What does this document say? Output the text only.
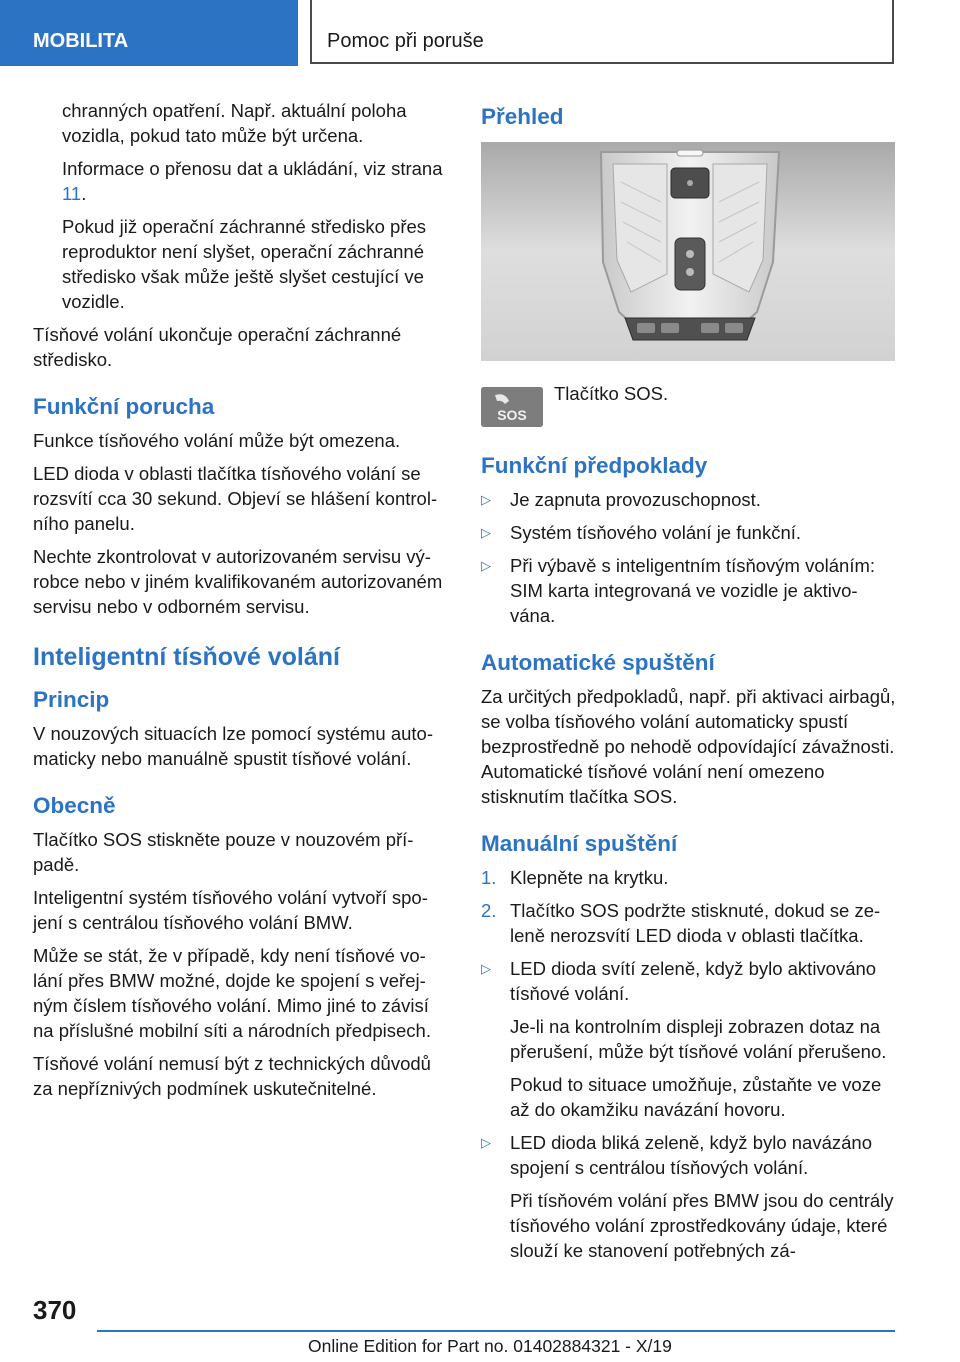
MOBILITA	Pomoc při poruše

chranných opatření. Např. aktuální poloha vozidla, pokud tato může být určena.

Informace o přenosu dat a ukládání, viz strana 11.

Pokud již operační záchranné středisko přes reproduktor není slyšet, operační záchranné středisko však může ještě slyšet cestující ve vozidle.

Tísňové volání ukončuje operační záchranné středisko.

Funkční porucha

Funkce tísňového volání může být omezena.

LED dioda v oblasti tlačítka tísňového volání se rozsvítí cca 30 sekund. Objeví se hlášení kontrolního panelu.

Nechte zkontrolovat v autorizovaném servisu výrobce nebo v jiném kvalifikovaném autorizovaném servisu nebo v odborném servisu.

Inteligentní tísňové volání
Princip

V nouzových situacích lze pomocí systému automaticky nebo manuálně spustit tísňové volání.

Obecně

Tlačítko SOS stiskněte pouze v nouzovém případě.

Inteligentní systém tísňového volání vytvoří spojení s centrálou tísňového volání BMW.

Může se stát, že v případě, kdy není tísňové volání přes BMW možné, dojde ke spojení s veřejným číslem tísňového volání. Mimo jiné to závisí na příslušné mobilní síti a národních předpisech.

Tísňové volání nemusí být z technických důvodů za nepříznivých podmínek uskutečnitelné.

Přehled
SOS
Tlačítko SOS.
Funkční předpoklady
▷ Je zapnuta provozuschopnost.
▷ Systém tísňového volání je funkční.
▷ Při výbavě s inteligentním tísňovým voláním: SIM karta integrovaná ve vozidle je aktivována.
Automatické spuštění

Za určitých předpokladů, např. při aktivaci airbagů, se volba tísňového volání automaticky spustí bezprostředně po nehodě odpovídající závažnosti. Automatické tísňové volání není omezeno stisknutím tlačítka SOS.

Manuální spuštění
1. Klepněte na krytku.
2. Tlačítko SOS podržte stisknuté, dokud se zeleně nerozsvítí LED dioda v oblasti tlačítka.
▷ LED dioda svítí zeleně, když bylo aktivováno tísňové volání.

Je-li na kontrolním displeji zobrazen dotaz na přerušení, může být tísňové volání přerušeno.

Pokud to situace umožňuje, zůstaňte ve voze až do okamžiku navázání hovoru.

▷ LED dioda bliká zeleně, když bylo navázáno spojení s centrálou tísňových volání.

Při tísňovém volání přes BMW jsou do centrály tísňového volání zprostředkovány údaje, které slouží ke stanovení potřebných zá-

370
Online Edition for Part no. 01402884321 - X/19
